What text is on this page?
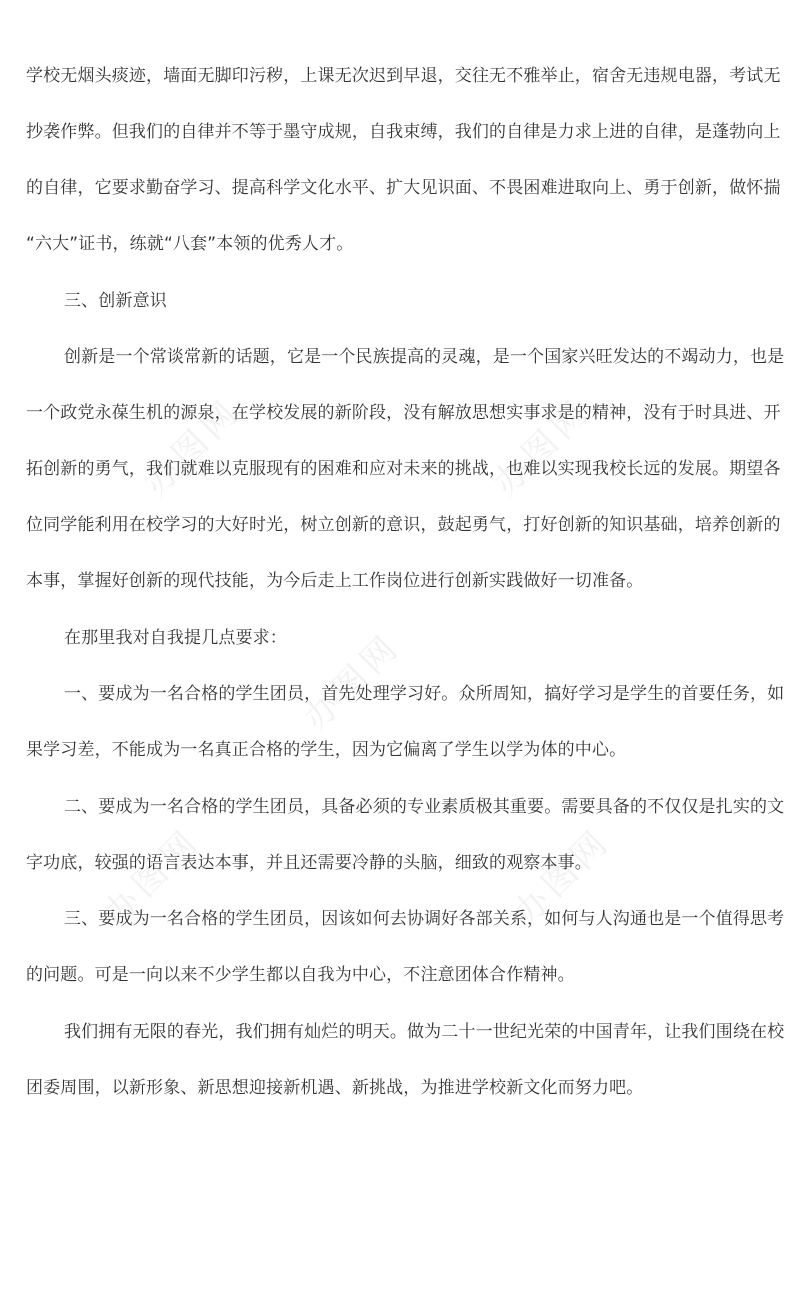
办图网	办图网
办图网
办图网	办图网
学校无烟头痰迹，墙面无脚印污秽，上课无次迟到早退，交往无不雅举止，宿舍无违规电器，考试无
抄袭作弊。但我们的自律并不等于墨守成规，自我束缚，我们的自律是力求上进的自律，是蓬勃向上
的自律，它要求勤奋学习、提高科学文化水平、扩大见识面、不畏困难进取向上、勇于创新，做怀揣
“六大”证书，练就“八套”本领的优秀人才。
三、创新意识
创新是一个常谈常新的话题，它是一个民族提高的灵魂，是一个国家兴旺发达的不竭动力，也是
一个政党永葆生机的源泉，在学校发展的新阶段，没有解放思想实事求是的精神，没有于时具进、开
拓创新的勇气，我们就难以克服现有的困难和应对未来的挑战，也难以实现我校长远的发展。期望各
位同学能利用在校学习的大好时光，树立创新的意识，鼓起勇气，打好创新的知识基础，培养创新的
本事，掌握好创新的现代技能，为今后走上工作岗位进行创新实践做好一切准备。
在那里我对自我提几点要求：
一、要成为一名合格的学生团员，首先处理学习好。众所周知，搞好学习是学生的首要任务，如
果学习差，不能成为一名真正合格的学生，因为它偏离了学生以学为体的中心。
二、要成为一名合格的学生团员，具备必须的专业素质极其重要。需要具备的不仅仅是扎实的文
字功底，较强的语言表达本事，并且还需要冷静的头脑，细致的观察本事。
三、要成为一名合格的学生团员，因该如何去协调好各部关系，如何与人沟通也是一个值得思考
的问题。可是一向以来不少学生都以自我为中心，不注意团体合作精神。
我们拥有无限的春光，我们拥有灿烂的明天。做为二十一世纪光荣的中国青年，让我们围绕在校
团委周围，以新形象、新思想迎接新机遇、新挑战，为推进学校新文化而努力吧。
